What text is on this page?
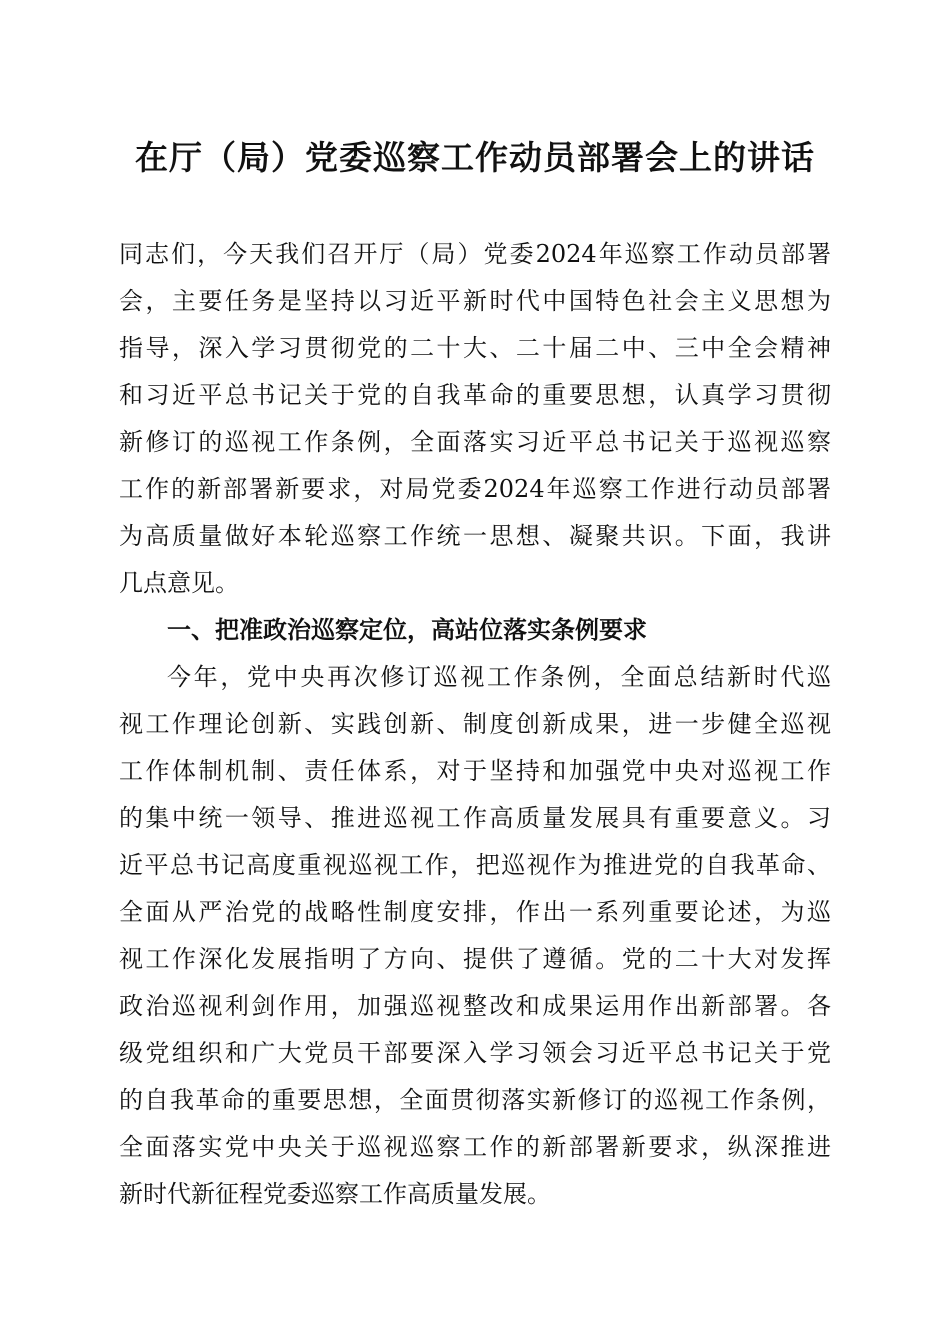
在厅（局）党委巡察工作动员部署会上的讲话

同志们，今天我们召开厅（局）党委2024年巡察工作动员部署

会，主要任务是坚持以习近平新时代中国特色社会主义思想为

指导，深入学习贯彻党的二十大、二十届二中、三中全会精神

和习近平总书记关于党的自我革命的重要思想，认真学习贯彻

新修订的巡视工作条例，全面落实习近平总书记关于巡视巡察

工作的新部署新要求，对局党委2024年巡察工作进行动员部署

为高质量做好本轮巡察工作统一思想、凝聚共识。下面，我讲

几点意见。

一、把准政治巡察定位，高站位落实条例要求

今年，党中央再次修订巡视工作条例，全面总结新时代巡

视工作理论创新、实践创新、制度创新成果，进一步健全巡视

工作体制机制、责任体系，对于坚持和加强党中央对巡视工作

的集中统一领导、推进巡视工作高质量发展具有重要意义。习

近平总书记高度重视巡视工作，把巡视作为推进党的自我革命、

全面从严治党的战略性制度安排，作出一系列重要论述，为巡

视工作深化发展指明了方向、提供了遵循。党的二十大对发挥

政治巡视利剑作用，加强巡视整改和成果运用作出新部署。各

级党组织和广大党员干部要深入学习领会习近平总书记关于党

的自我革命的重要思想，全面贯彻落实新修订的巡视工作条例，

全面落实党中央关于巡视巡察工作的新部署新要求，纵深推进

新时代新征程党委巡察工作高质量发展。
